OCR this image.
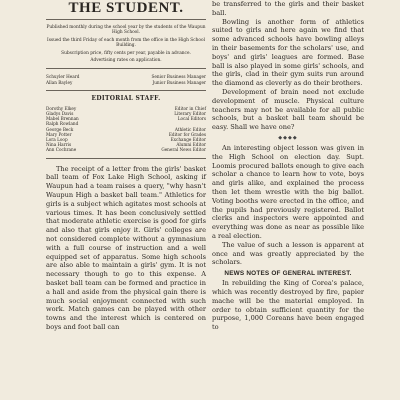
THE STUDENT.

Published monthly during the school year by the students of the Waupun High School.

Issued the third Friday of each month from the office in the High School Building.

Subscription price, fifty cents per year, payable in advance.

Advertising rates on application.

Schuyler Heard	Senior Business Manager
Allan Bayley	Junior Business Manager
EDITORIAL STAFF.
Dorothy Elkey	Editor in Chief
Gladys Davis	Literary Editor
Mabel Brennan	Local Editors
Ralph Rowland
George Beck	Athletic Editor
Mary Potter	Editor for Grades
Lora Loop	Exchange Editor
Nina Harris	Alumni Editor
Ann Cochrane	General News Editor

The receipt of a letter from the girls' basket ball team of Fox Lake High School, asking if Waupun had a team raises a query, "why hasn't Waupun High a basket ball team." Athletics for girls is a subject which agitates most schools at various times. It has been conclusively settled that moderate athletic exercise is good for girls and also that girls enjoy it. Girls' colleges are not considered complete without a gymnasium with a full course of instruction and a well equipped set of apparatus. Some high schools are also able to maintain a girls' gym. It is not necessary though to go to this expense. A basket ball team can be formed and practice in a hall and aside from the physical gain there is much social enjoyment connected with such work. Match games can be played with other towns and the interest which is centered on boys and foot ball can

be transferred to the girls and their basket ball.

Bowling is another form of athletics suited to girls and here again we find that some advanced schools have bowling alleys in their basements for the scholars' use, and boys' and girls' leagues are formed. Base ball is also played in some girls' schools, and the girls, clad in their gym suits run around the diamond as cleverly as do their brothers.

Development of brain need not exclude development of muscle. Physical culture teachers may not be available for all public schools, but a basket ball team should be easy. Shall we have one?

◆◆◆◆

An interesting object lesson was given in the High School on election day. Supt. Loomis procured ballots enough to give each scholar a chance to learn how to vote, boys and girls alike, and explained the process then let them wrestle with the big ballot. Voting booths were erected in the office, and the pupils had previously registered. Ballot clerks and inspectors were appointed and everything was done as near as possible like a real election.

The value of such a lesson is apparent at once and was greatly appreciated by the scholars.

NEWS NOTES OF GENERAL INTEREST.

In rebuilding the King of Corea's palace, which was recently destroyed by fire, papier mache will be the material employed. In order to obtain sufficient quantity for the purpose, 1,000 Coreans have been engaged to
